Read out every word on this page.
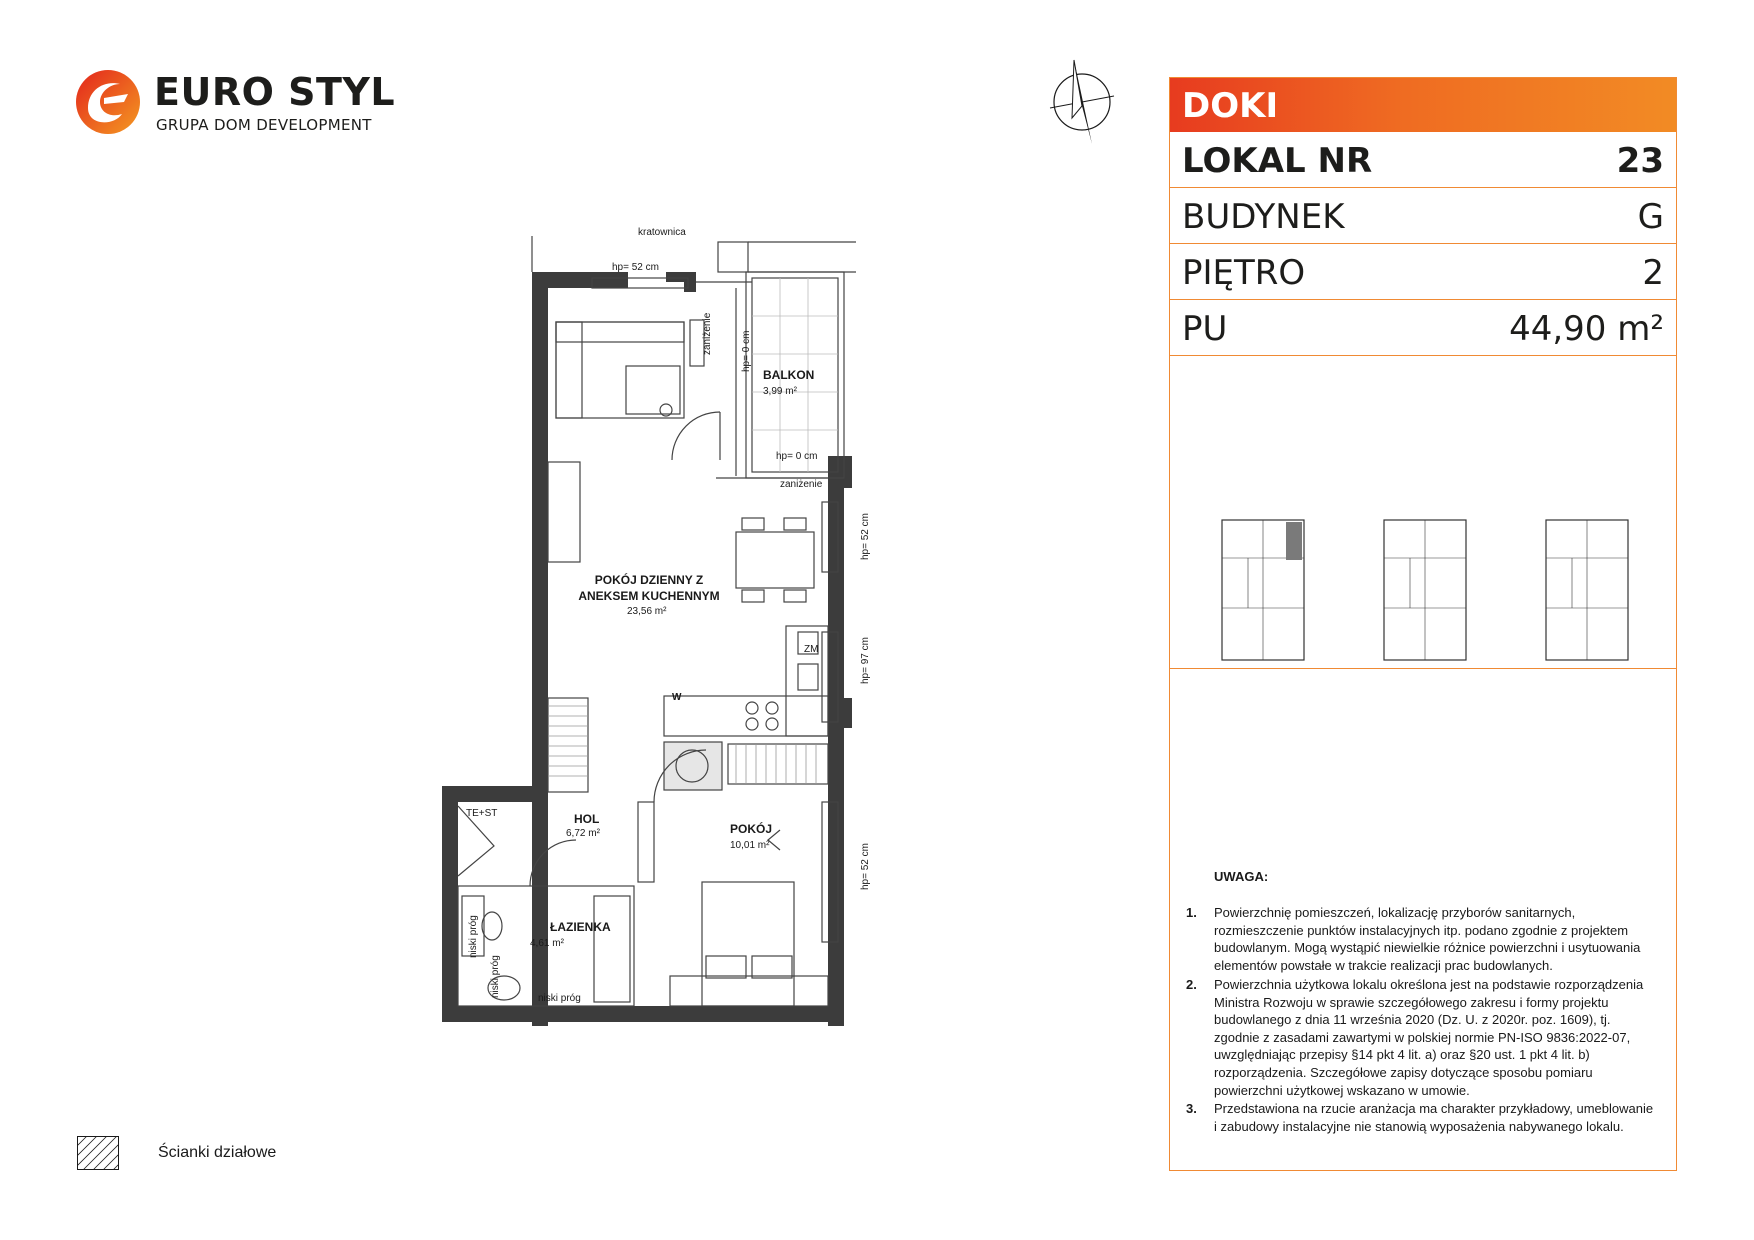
EURO STYL
GRUPA DOM DEVELOPMENT
kratownica
hp= 52 cm
zaniżenie	hp= 0 cm
BALKON
3,99 m²
hp= 0 cm
zaniżenie
hp= 52 cm
POKÓJ DZIENNY Z ANEKSEM KUCHENNYM
23,56 m²
ZM	hp= 97 cm
W
TE+ST	HOL
6,72 m²	POKÓJ
10,01 m²	hp= 52 cm
ŁAZIENKA
4,61 m²
niski próg
niski próg
niski próg
Ścianki działowe
DOKI
LOKAL NR	23
BUDYNEK	G
PIĘTRO	2
PU	44,90 m²
UWAGA:
1. Powierzchnię pomieszczeń, lokalizację przyborów sanitarnych, rozmieszczenie punktów instalacyjnych itp. podano zgodnie z projektem budowlanym. Mogą wystąpić niewielkie różnice powierzchni i usytuowania elementów powstałe w trakcie realizacji prac budowlanych.
2. Powierzchnia użytkowa lokalu określona jest na podstawie rozporządzenia Ministra Rozwoju w sprawie szczegółowego zakresu i formy projektu budowlanego z dnia 11 września 2020 (Dz. U. z 2020r. poz. 1609), tj. zgodnie z zasadami zawartymi w polskiej normie PN-ISO 9836:2022-07, uwzględniając przepisy §14 pkt 4 lit. a) oraz §20 ust. 1 pkt 4 lit. b) rozporządzenia. Szczegółowe zapisy dotyczące sposobu pomiaru powierzchni użytkowej wskazano w umowie.
3. Przedstawiona na rzucie aranżacja ma charakter przykładowy, umeblowanie i zabudowy instalacyjne nie stanowią wyposażenia nabywanego lokalu.
